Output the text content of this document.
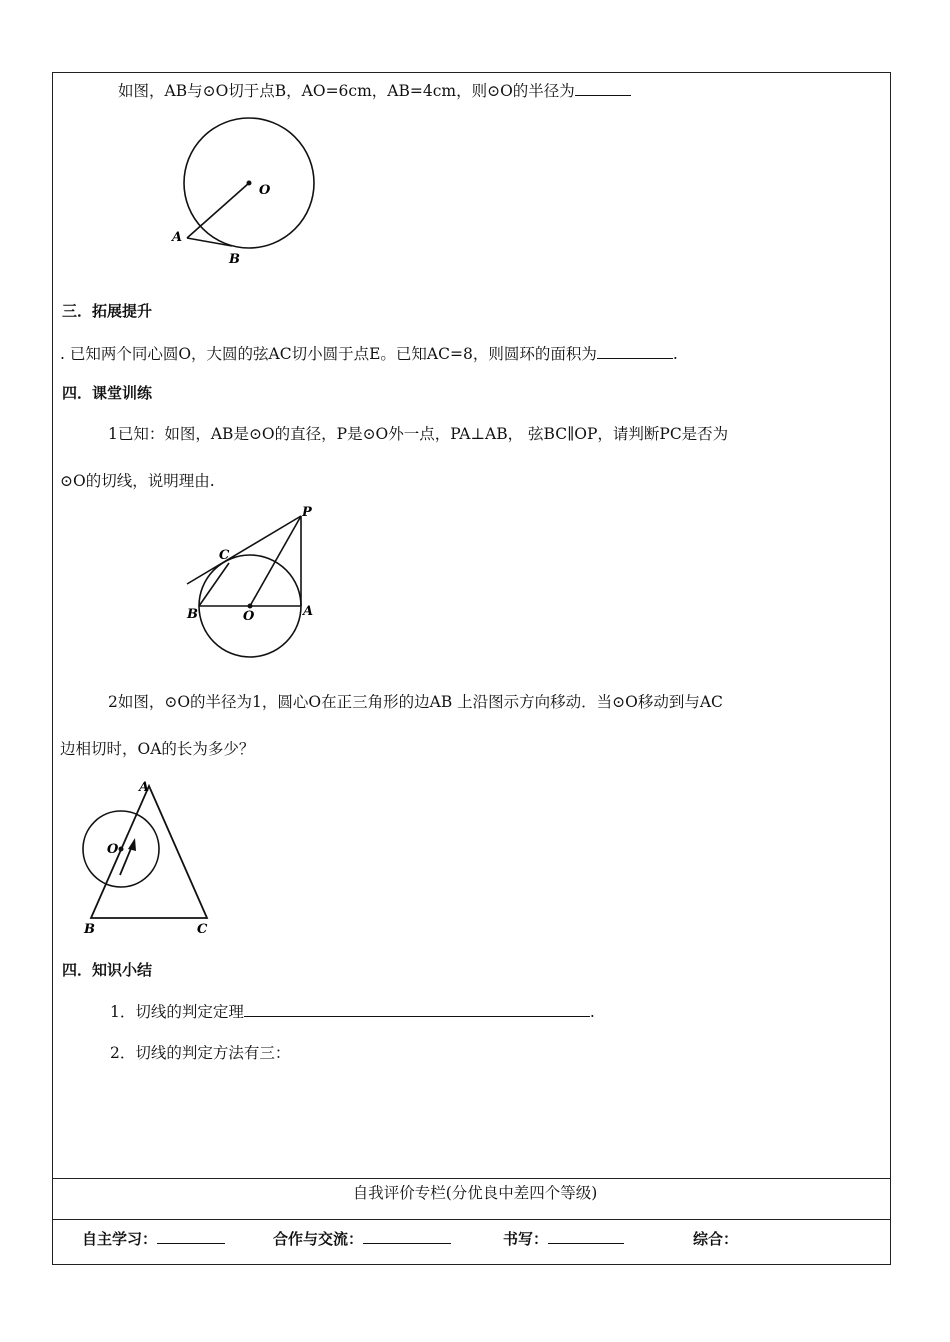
如图，AB与⊙O切于点B，AO=6cm，AB=4cm，则⊙O的半径为
O
A
B
三．拓展提升
. 已知两个同心圆O，大圆的弦AC切小圆于点E。已知AC=8，则圆环的面积为	.
四．课堂训练
1已知：如图，AB是⊙O的直径，P是⊙O外一点，PA⊥AB， 弦BC∥OP，请判断PC是否为
⊙O的切线，说明理由.
P
C
B	O	A
2如图，⊙O的半径为1，圆心O在正三角形的边AB 上沿图示方向移动．当⊙O移动到与AC
边相切时，OA的长为多少？
A
O
B	C
四．知识小结
1．切线的判定定理	.
2．切线的判定方法有三：
自我评价专栏(分优良中差四个等级)
自主学习：	合作与交流：	书写：	综合：
